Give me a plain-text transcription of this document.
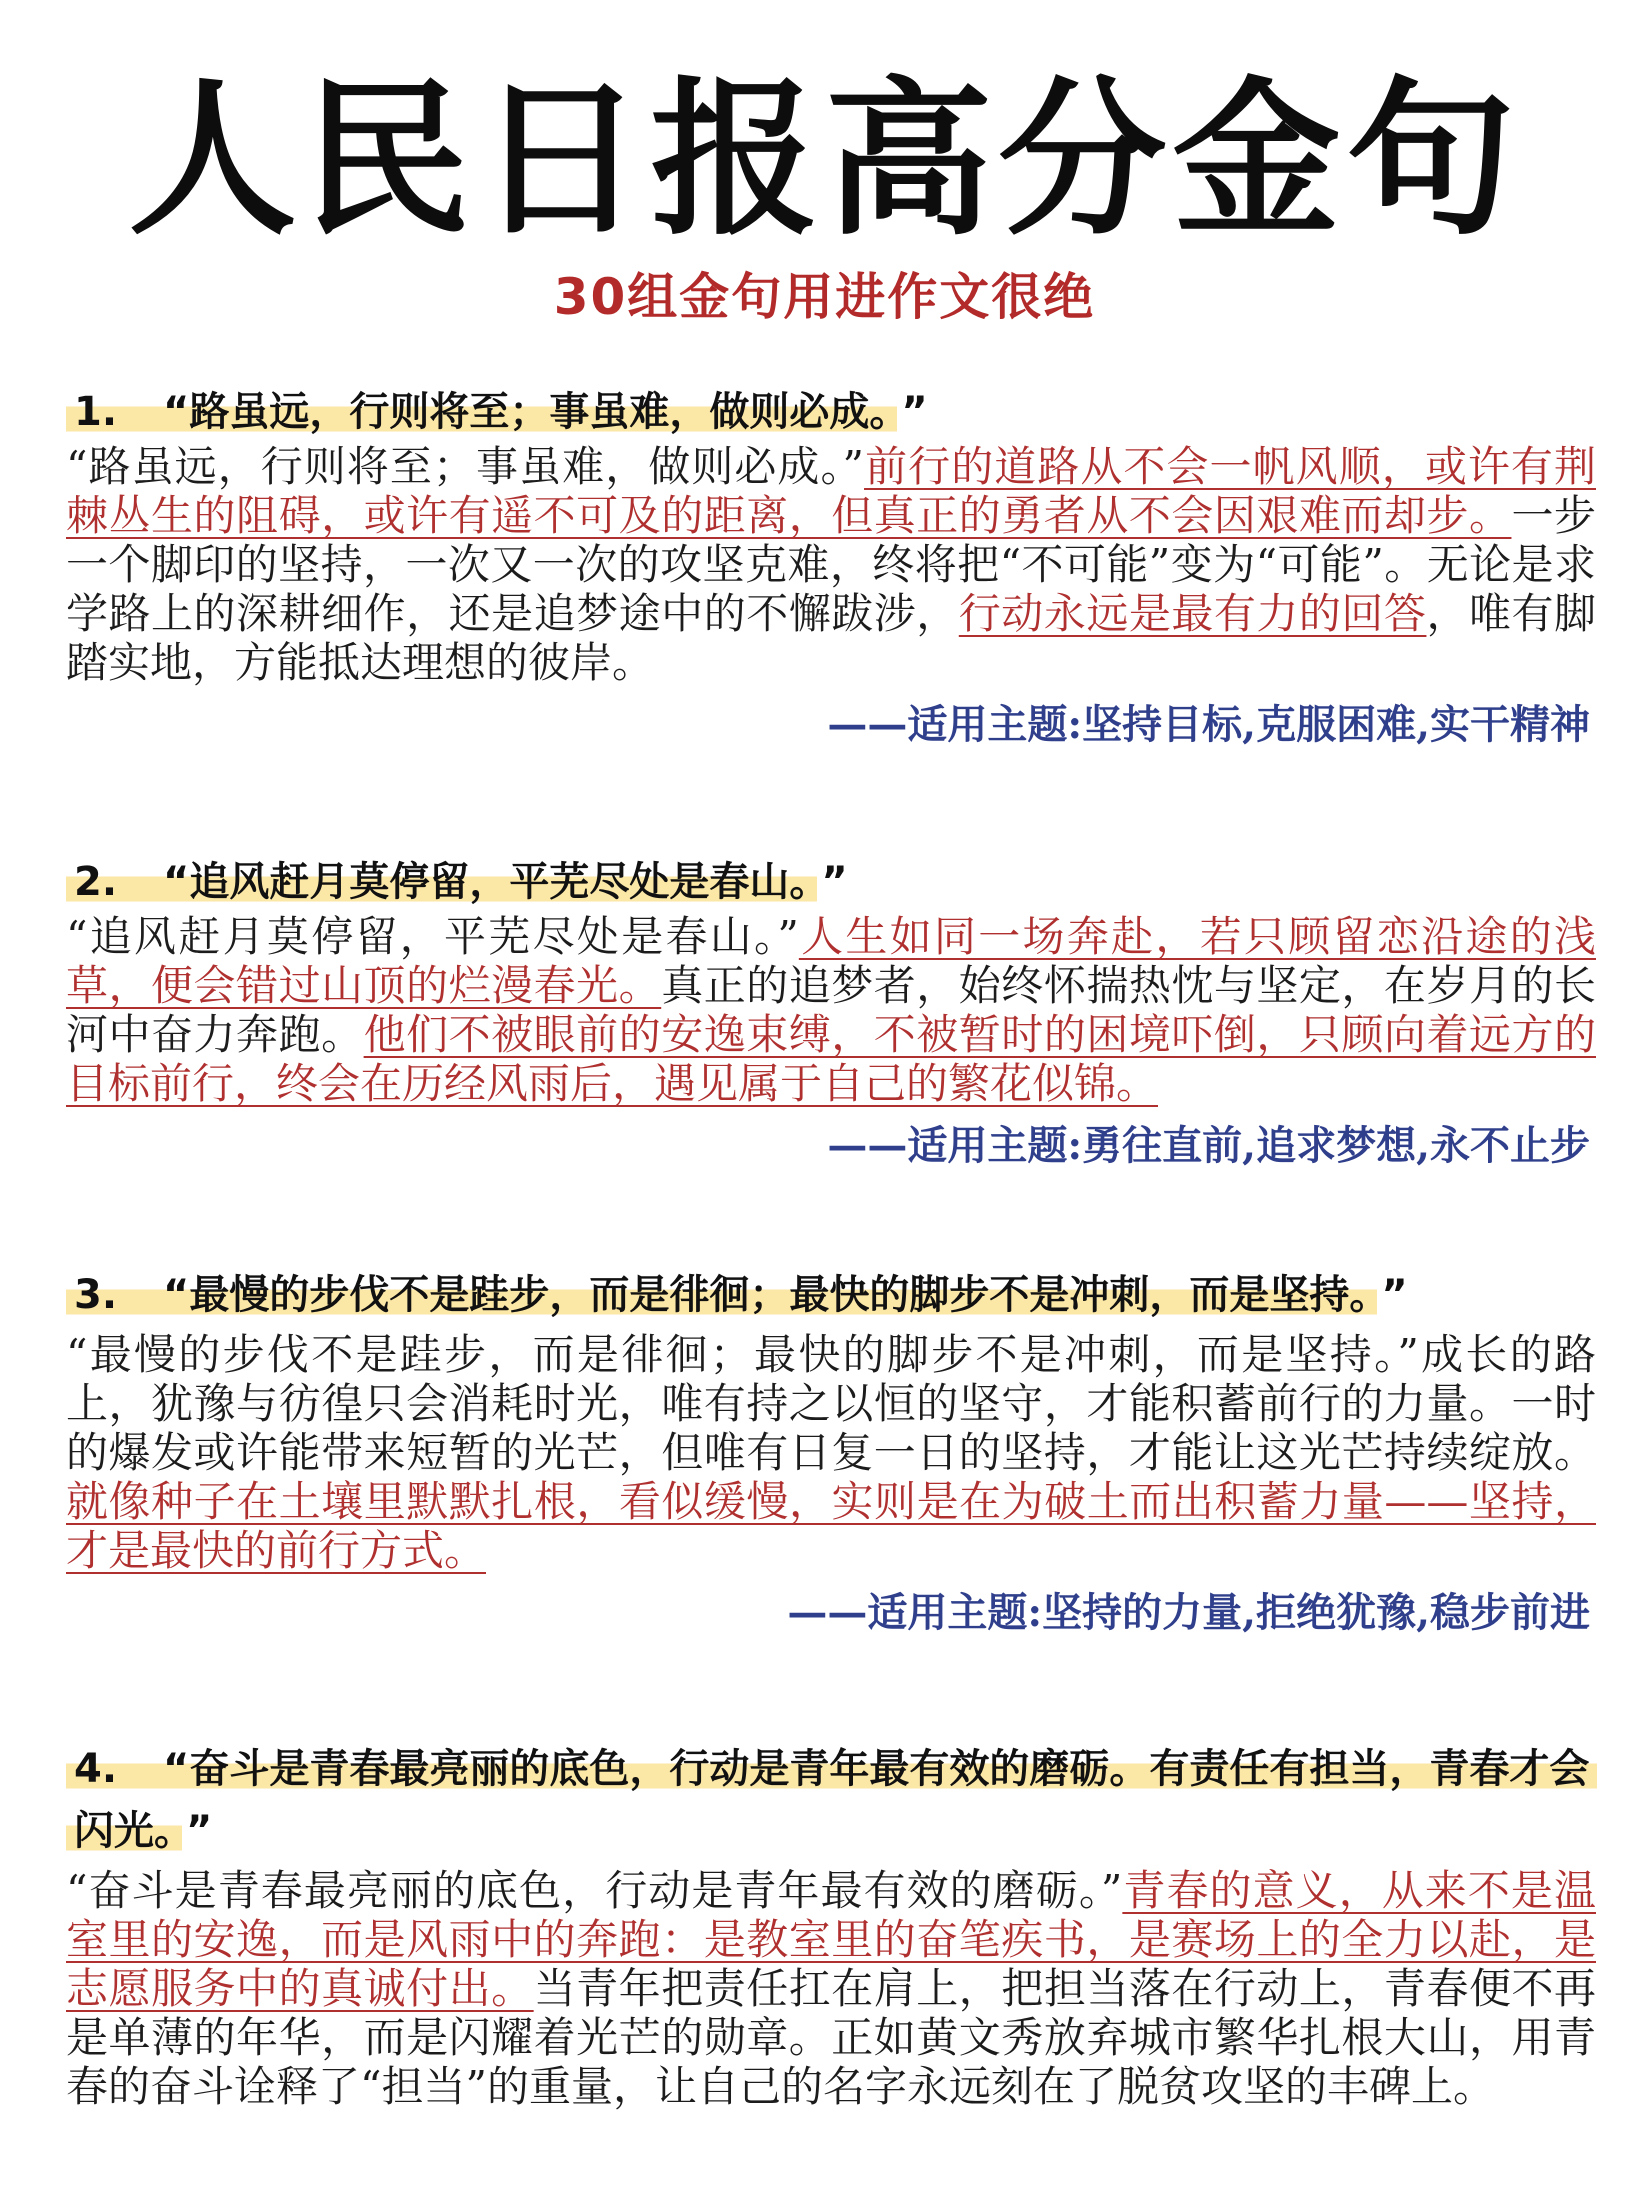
人民日报高分金句
30组金句用进作文很绝
1. “路虽远，行则将至；事虽难，做则必成。 ”
“路虽远，行则将至；事虽难，做则必成。”前行的道路从不会一帆风顺，或许有荆棘丛生的阻碍，或许有遥不可及的距离，但真正的勇者从不会因艰难而却步。一步一个脚印的坚持，一次又一次的攻坚克难，终将把“不可能”变为“可能”。无论是求学路上的深耕细作，还是追梦途中的不懈跋涉，行动永远是最有力的回答，唯有脚踏实地，方能抵达理想的彼岸。
——适用主题:坚持目标,克服困难,实干精神
2. “追风赶月莫停留，平芜尽处是春山。 ”
“追风赶月莫停留，平芜尽处是春山。”人生如同一场奔赴，若只顾留恋沿途的浅草，便会错过山顶的烂漫春光。真正的追梦者，始终怀揣热忱与坚定，在岁月的长河中奋力奔跑。他们不被眼前的安逸束缚，不被暂时的困境吓倒，只顾向着远方的目标前行，终会在历经风雨后，遇见属于自己的繁花似锦。
——适用主题:勇往直前,追求梦想,永不止步
3. “最慢的步伐不是跬步，而是徘徊；最快的脚步不是冲刺，而是坚持。 ”
“最慢的步伐不是跬步，而是徘徊；最快的脚步不是冲刺，而是坚持。”成长的路上，犹豫与彷徨只会消耗时光，唯有持之以恒的坚守，才能积蓄前行的力量。一时的爆发或许能带来短暂的光芒，但唯有日复一日的坚持，才能让这光芒持续绽放。就像种子在土壤里默默扎根，看似缓慢，实则是在为破土而出积蓄力量——坚持，才是最快的前行方式。
——适用主题:坚持的力量,拒绝犹豫,稳步前进
4. “奋斗是青春最亮丽的底色，行动是青年最有效的磨砺。有责任有担当，青春才会闪光。 ”
“奋斗是青春最亮丽的底色，行动是青年最有效的磨砺。”青春的意义，从来不是温室里的安逸，而是风雨中的奔跑：是教室里的奋笔疾书，是赛场上的全力以赴，是志愿服务中的真诚付出。当青年把责任扛在肩上，把担当落在行动上，青春便不再是单薄的年华，而是闪耀着光芒的勋章。正如黄文秀放弃城市繁华扎根大山，用青春的奋斗诠释了“担当”的重量，让自己的名字永远刻在了脱贫攻坚的丰碑上。
